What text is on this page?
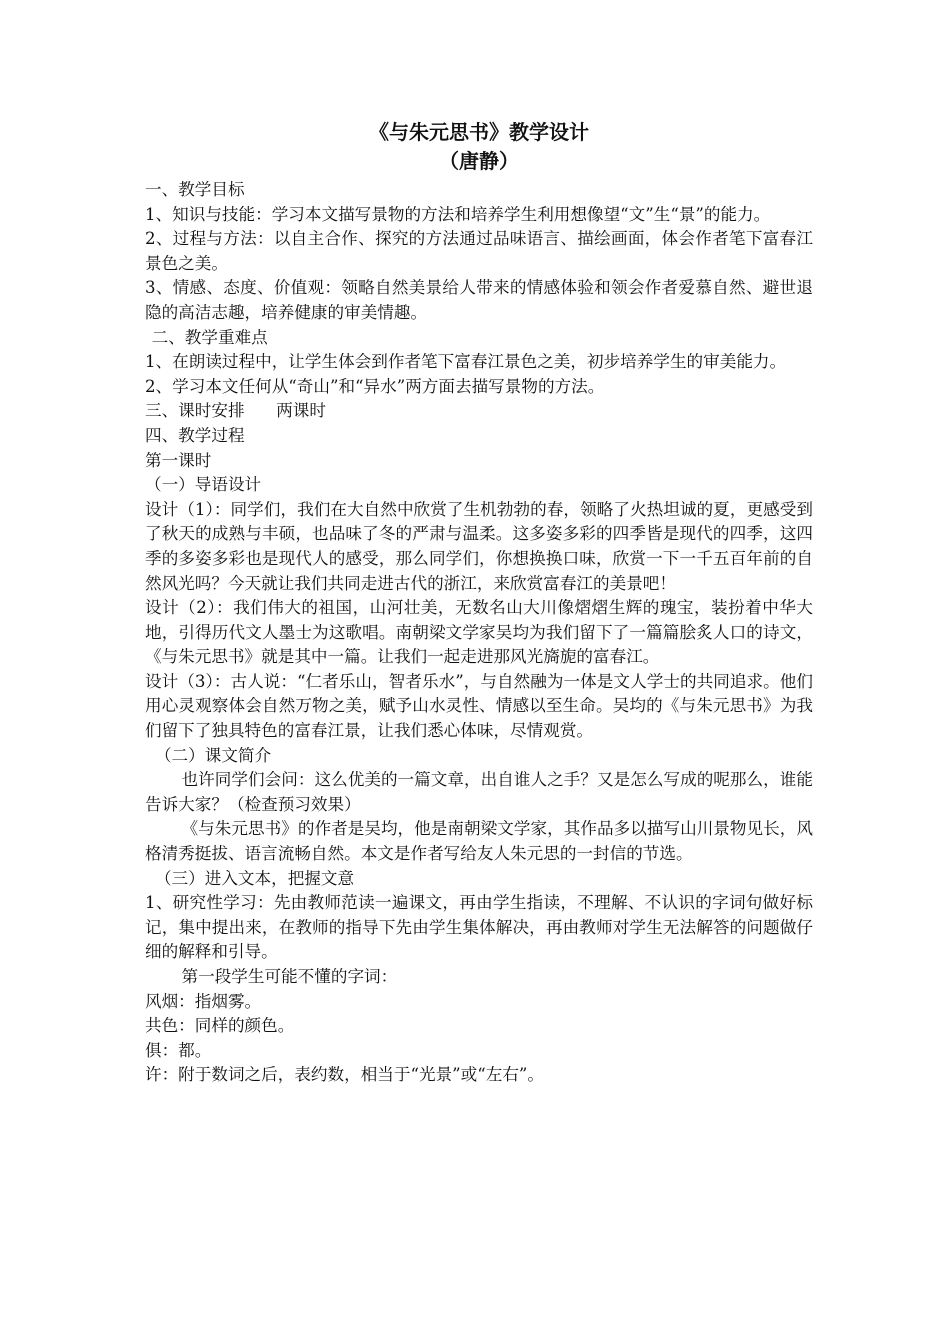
《与朱元思书》教学设计
（唐静）
一、教学目标
1、知识与技能：学习本文描写景物的方法和培养学生利用想像望“文”生“景”的能力。
2、过程与方法：以自主合作、探究的方法通过品味语言、描绘画面，体会作者笔下富春江景色之美。
3、情感、态度、价值观：领略自然美景给人带来的情感体验和领会作者爱慕自然、避世退隐的高洁志趣，培养健康的审美情趣。
二、教学重难点
1、在朗读过程中，让学生体会到作者笔下富春江景色之美，初步培养学生的审美能力。
2、学习本文任何从“奇山”和“异水”两方面去描写景物的方法。
三、课时安排      两课时
四、教学过程
第一课时
（一）导语设计
设计（1）：同学们，我们在大自然中欣赏了生机勃勃的春，领略了火热坦诚的夏，更感受到了秋天的成熟与丰硕，也品味了冬的严肃与温柔。这多姿多彩的四季皆是现代的四季，这四季的多姿多彩也是现代人的感受，那么同学们，你想换换口味，欣赏一下一千五百年前的自然风光吗？今天就让我们共同走进古代的浙江，来欣赏富春江的美景吧！
设计（2）：我们伟大的祖国，山河壮美，无数名山大川像熠熠生辉的瑰宝，装扮着中华大地，引得历代文人墨士为这歌唱。南朝梁文学家吴均为我们留下了一篇篇脍炙人口的诗文，《与朱元思书》就是其中一篇。让我们一起走进那风光旖旎的富春江。
设计（3）：古人说：“仁者乐山，智者乐水”，与自然融为一体是文人学士的共同追求。他们用心灵观察体会自然万物之美，赋予山水灵性、情感以至生命。吴均的《与朱元思书》为我们留下了独具特色的富春江景，让我们悉心体味，尽情观赏。
（二）课文简介
也许同学们会问：这么优美的一篇文章，出自谁人之手？又是怎么写成的呢那么，谁能告诉大家？（检查预习效果）
《与朱元思书》的作者是吴均，他是南朝梁文学家，其作品多以描写山川景物见长，风格清秀挺拔、语言流畅自然。本文是作者写给友人朱元思的一封信的节选。
（三）进入文本，把握文意
1、研究性学习：先由教师范读一遍课文，再由学生指读，不理解、不认识的字词句做好标记，集中提出来，在教师的指导下先由学生集体解决，再由教师对学生无法解答的问题做仔细的解释和引导。
第一段学生可能不懂的字词：
风烟：指烟雾。
共色：同样的颜色。
俱：都。
许：附于数词之后，表约数，相当于“光景”或“左右”。
